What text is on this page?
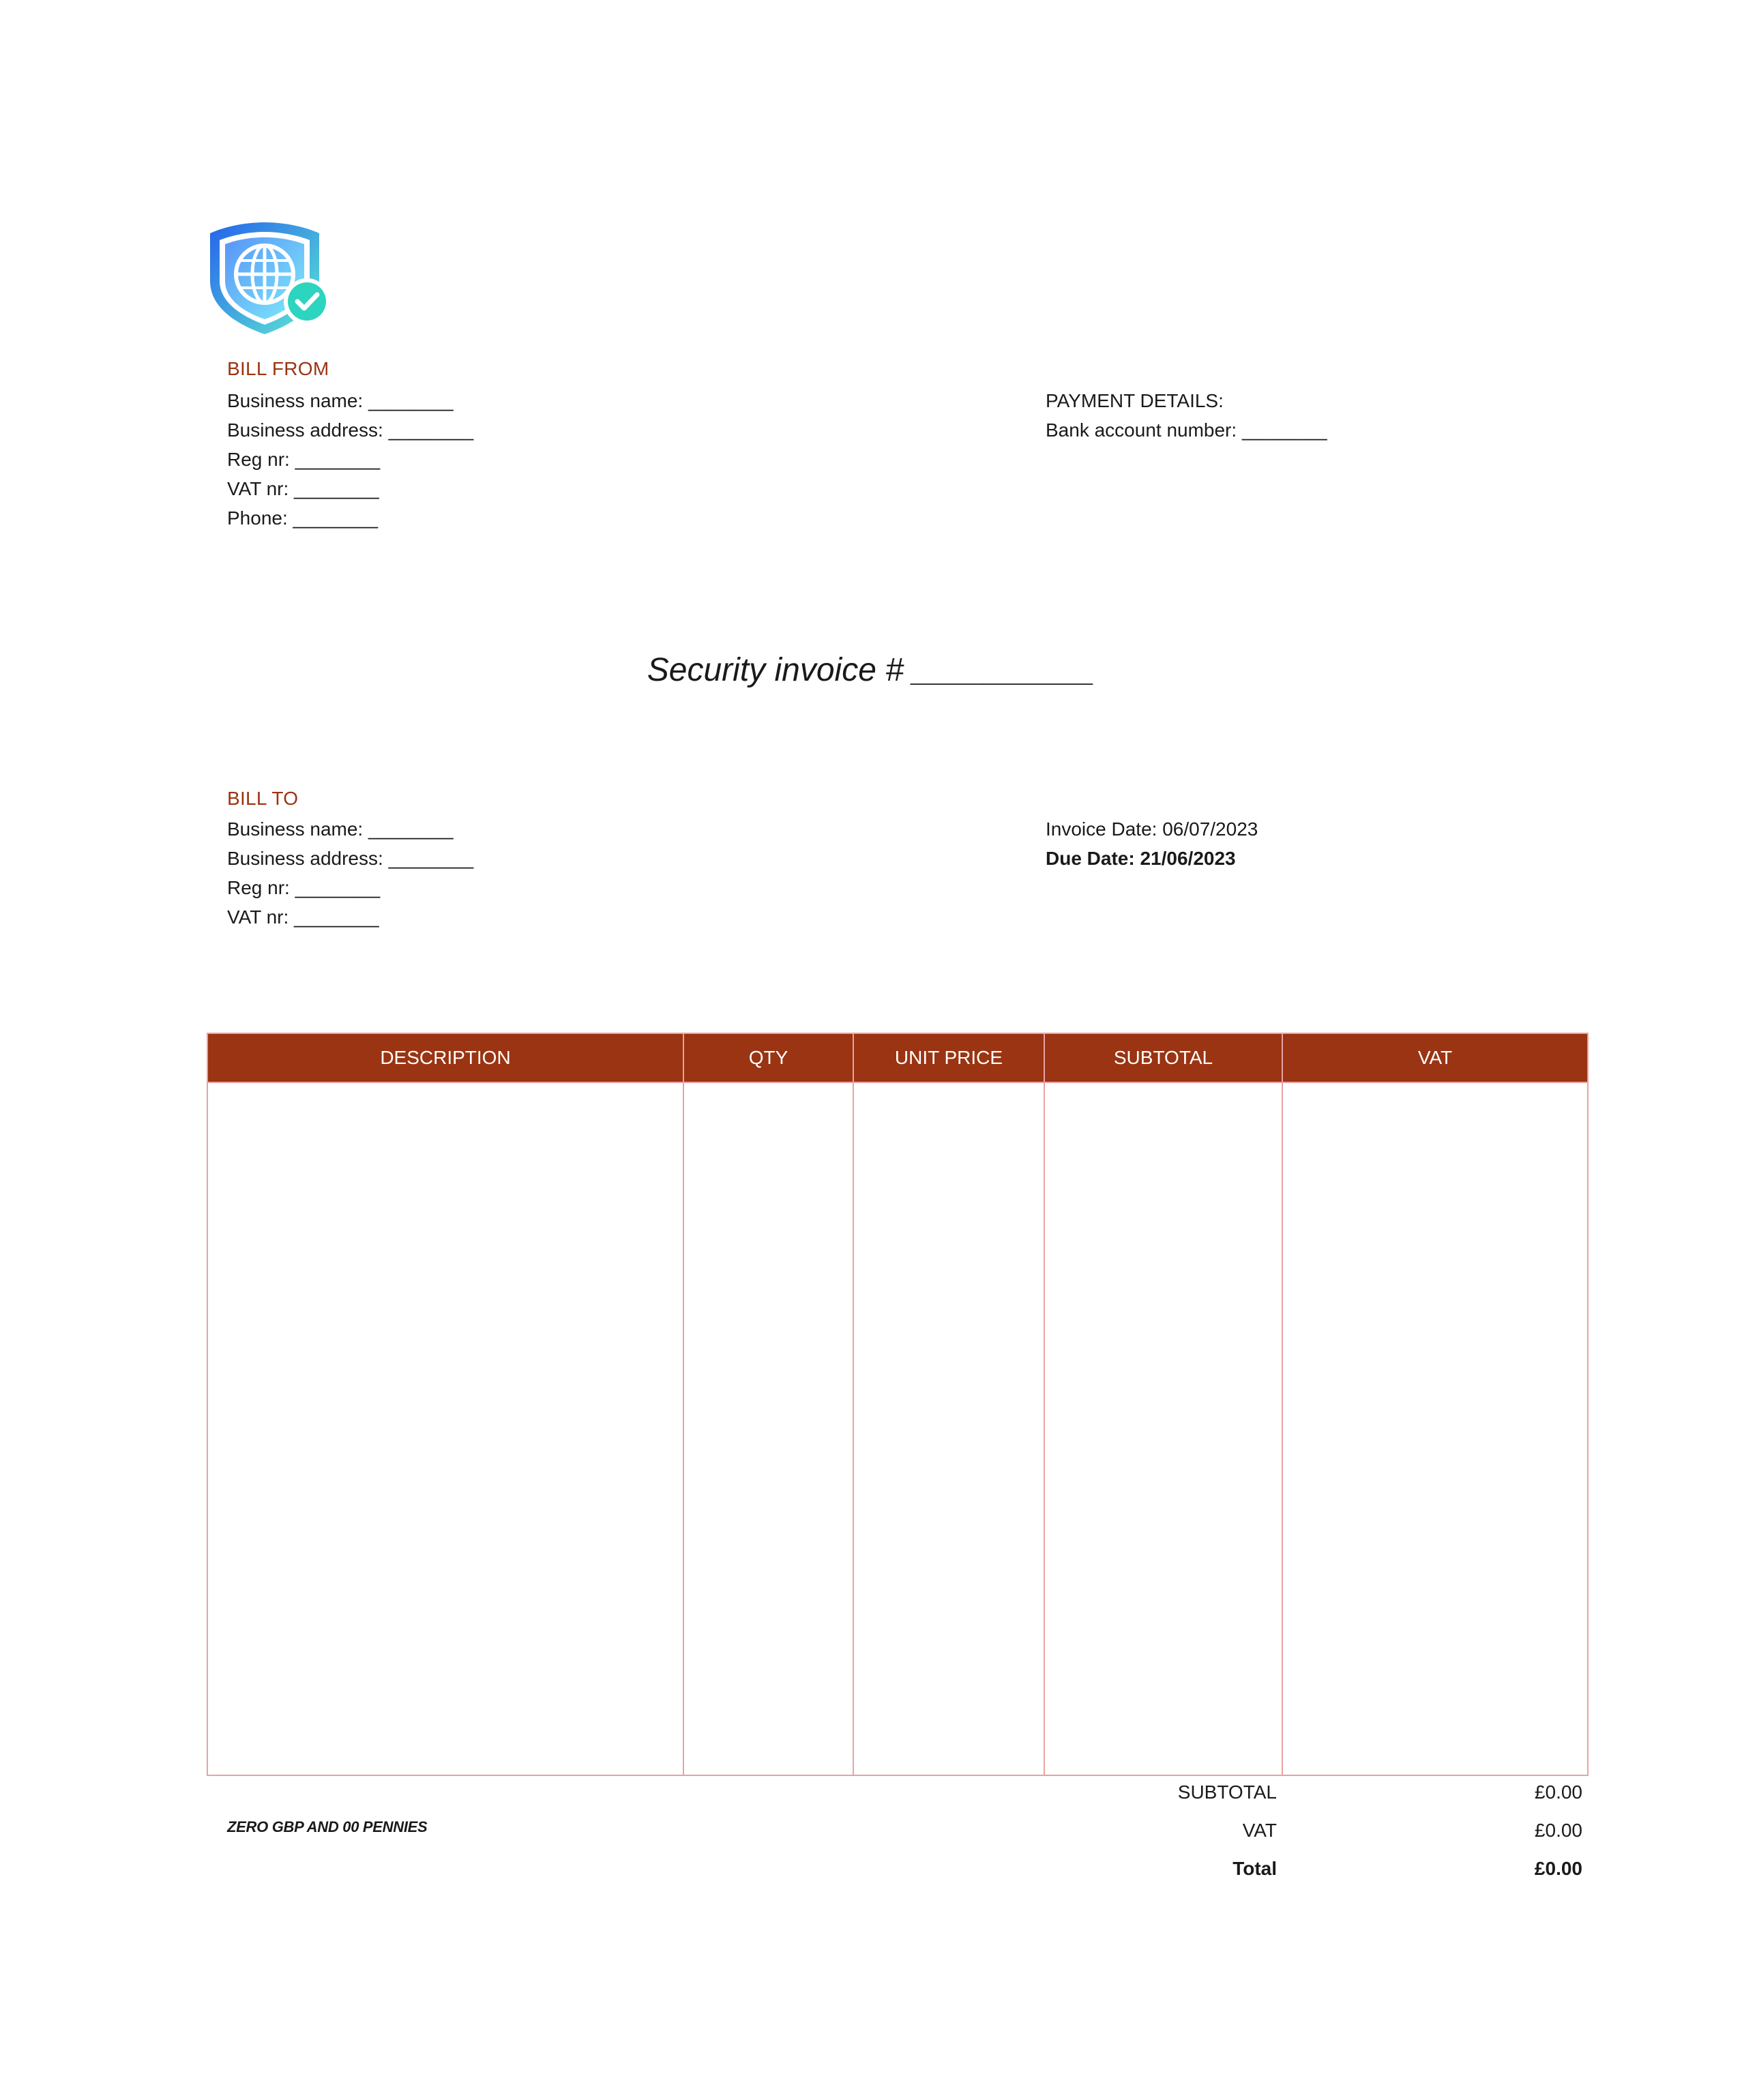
BILL FROM
Business name: ________
Business address: ________
Reg nr: ________
VAT nr: ________
Phone: ________
PAYMENT DETAILS:
Bank account number: ________
Security invoice # __________
BILL TO
Business name: ________
Business address: ________
Reg nr: ________
VAT nr: ________
Invoice Date: 06/07/2023
Due Date: 21/06/2023
DESCRIPTION	QTY	UNIT PRICE	SUBTOTAL	VAT

ZERO GBP AND 00 PENNIES
SUBTOTAL	£0.00
VAT	£0.00
Total	£0.00
